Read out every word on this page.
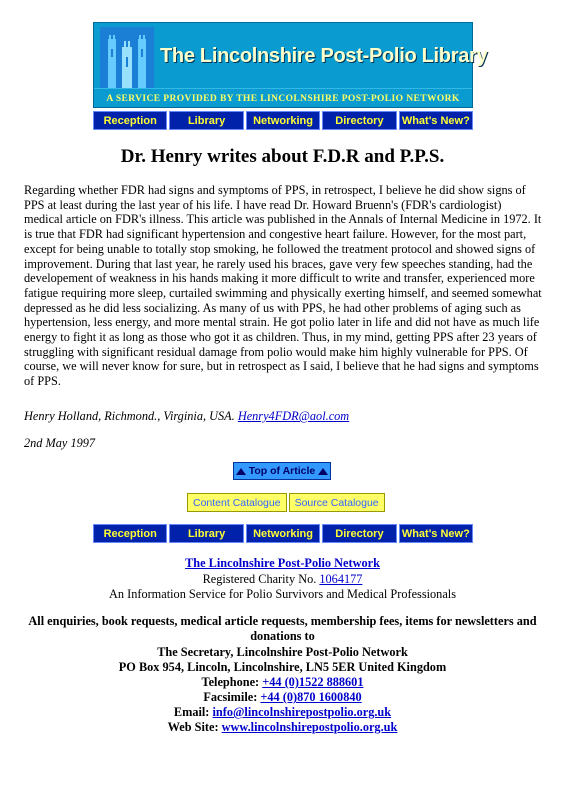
The Lincolnshire Post-Polio Library
A SERVICE PROVIDED BY THE LINCOLNSHIRE POST-POLIO NETWORK
Reception	Library	Networking	Directory	What's New?
Dr. Henry writes about F.D.R and P.P.S.

Regarding whether FDR had signs and symptoms of PPS, in retrospect, I believe he did show signs of PPS at least during the last year of his life. I have read Dr. Howard Bruenn's (FDR's cardiologist) medical article on FDR's illness. This article was published in the Annals of Internal Medicine in 1972. It is true that FDR had significant hypertension and congestive heart failure. However, for the most part, except for being unable to totally stop smoking, he followed the treatment protocol and showed signs of improvement. During that last year, he rarely used his braces, gave very few speeches standing, had the developement of weakness in his hands making it more difficult to write and transfer, experienced more fatigue requiring more sleep, curtailed swimming and physically exerting himself, and seemed somewhat depressed as he did less socializing. As many of us with PPS, he had other problems of aging such as hypertension, less energy, and more mental strain. He got polio later in life and did not have as much life energy to fight it as long as those who got it as children. Thus, in my mind, getting PPS after 23 years of struggling with significant residual damage from polio would make him highly vulnerable for PPS. Of course, we will never know for sure, but in retrospect as I said, I believe that he had signs and symptoms of PPS.

Henry Holland, Richmond., Virginia, USA. Henry4FDR@aol.com

2nd May 1997

Top of Article
Content Catalogue	Source Catalogue
Reception	Library	Networking	Directory	What's New?

The Lincolnshire Post-Polio Network

Registered Charity No. 1064177

An Information Service for Polio Survivors and Medical Professionals

All enquiries, book requests, medical article requests, membership fees, items for newsletters and donations to

The Secretary, Lincolnshire Post-Polio Network

PO Box 954, Lincoln, Lincolnshire, LN5 5ER United Kingdom

Telephone: +44 (0)1522 888601

Facsimile: +44 (0)870 1600840

Email: info@lincolnshirepostpolio.org.uk

Web Site: www.lincolnshirepostpolio.org.uk
